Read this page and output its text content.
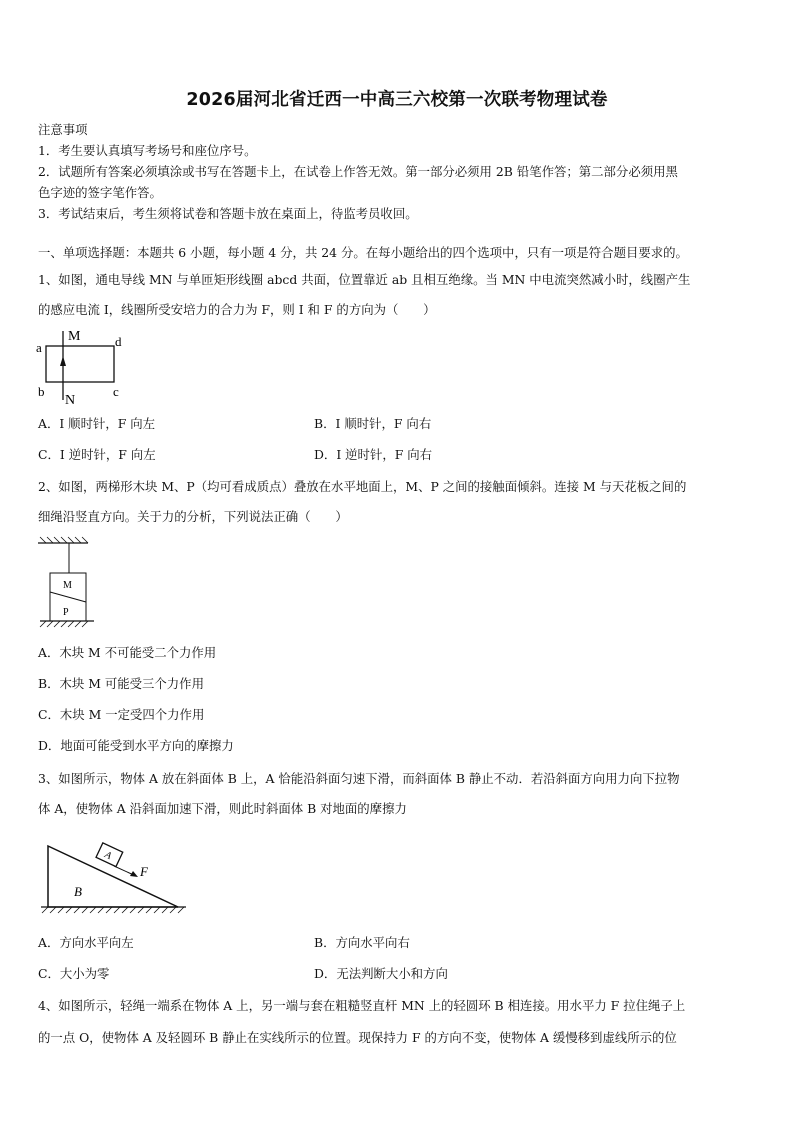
2026届河北省迁西一中高三六校第一次联考物理试卷
注意事项
1．考生要认真填写考场号和座位序号。
2．试题所有答案必须填涂或书写在答题卡上，在试卷上作答无效。第一部分必须用 2B 铅笔作答；第二部分必须用黑
色字迹的签字笔作答。
3．考试结束后，考生须将试卷和答题卡放在桌面上，待监考员收回。
一、单项选择题：本题共 6 小题，每小题 4 分，共 24 分。在每小题给出的四个选项中，只有一项是符合题目要求的。
1、如图，通电导线 MN 与单匝矩形线圈 abcd 共面，位置靠近 ab 且相互绝缘。当 MN 中电流突然减小时，线圈产生
的感应电流 I，线圈所受安培力的合力为 F，则 I 和 F 的方向为（　　）
M
N
a
b	c
d
A．I 顺时针，F 向左	B．I 顺时针，F 向右
C．I 逆时针，F 向左	D．I 逆时针，F 向右
2、如图，两梯形木块 M、P（均可看成质点）叠放在水平地面上，M、P 之间的接触面倾斜。连接 M 与天花板之间的
细绳沿竖直方向。关于力的分析，下列说法正确（　　）
M
P
A．木块 M 不可能受二个力作用
B．木块 M 可能受三个力作用
C．木块 M 一定受四个力作用
D．地面可能受到水平方向的摩擦力
3、如图所示，物体 A 放在斜面体 B 上，A 恰能沿斜面匀速下滑，而斜面体 B 静止不动．若沿斜面方向用力向下拉物
体 A，使物体 A 沿斜面加速下滑，则此时斜面体 B 对地面的摩擦力
A
F
B
A．方向水平向左	B．方向水平向右
C．大小为零	D．无法判断大小和方向
4、如图所示，轻绳一端系在物体 A 上，另一端与套在粗糙竖直杆 MN 上的轻圆环 B 相连接。用水平力 F 拉住绳子上
的一点 O，使物体 A 及轻圆环 B 静止在实线所示的位置。现保持力 F 的方向不变，使物体 A 缓慢移到虚线所示的位
